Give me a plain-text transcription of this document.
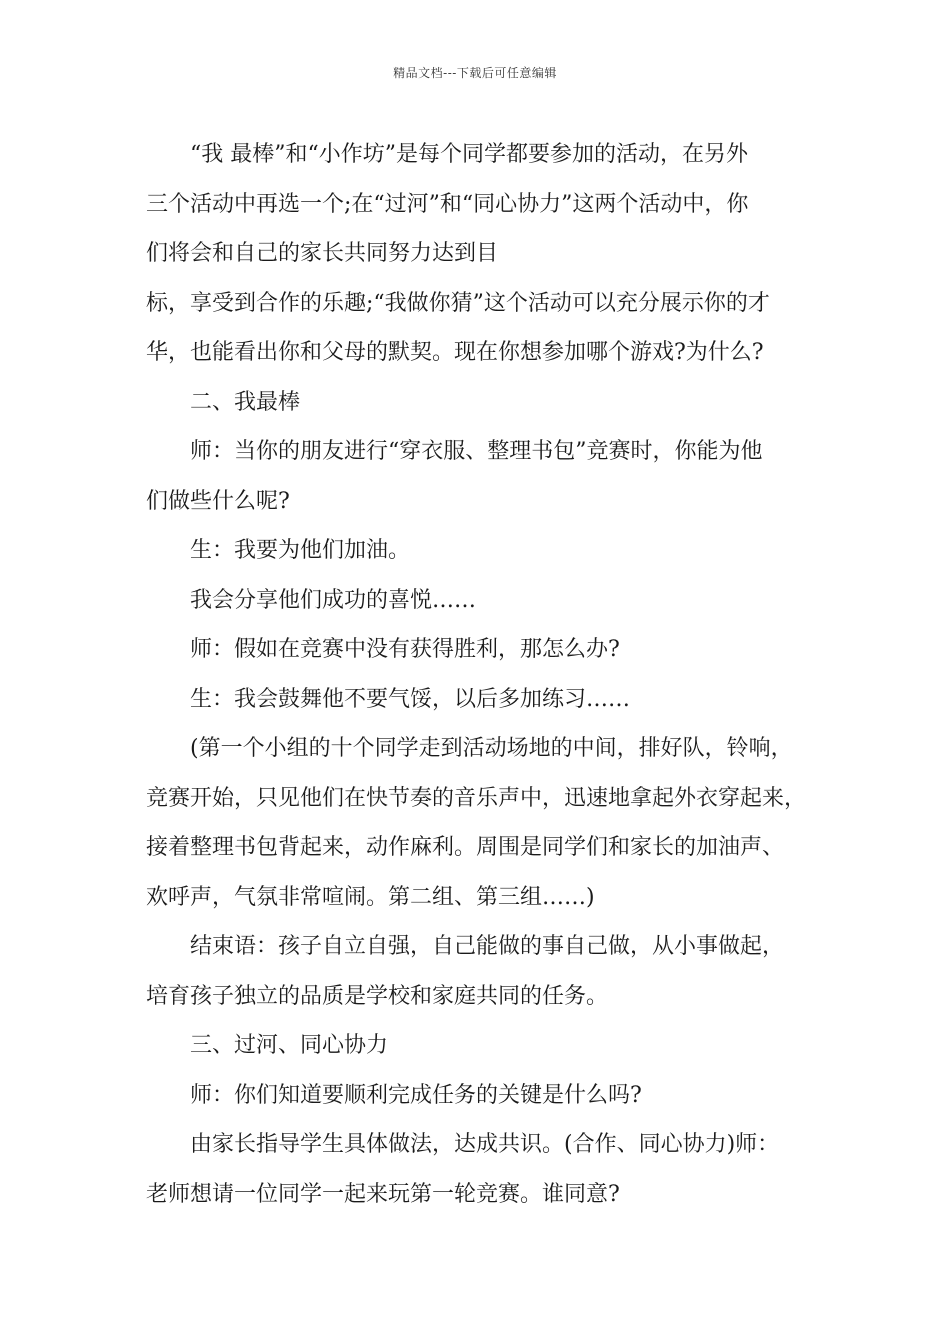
精品文档---下载后可任意编辑
“我 最棒”和“小作坊”是每个同学都要参加的活动，在另外
三个活动中再选一个;在“过河”和“同心协力”这两个活动中，你
们将会和自己的家长共同努力达到目
标，享受到合作的乐趣;“我做你猜”这个活动可以充分展示你的才
华，也能看出你和父母的默契。现在你想参加哪个游戏?为什么?
二、我最棒
师：当你的朋友进行“穿衣服、整理书包”竞赛时，你能为他
们做些什么呢?
生：我要为他们加油。
我会分享他们成功的喜悦……
师：假如在竞赛中没有获得胜利，那怎么办?
生：我会鼓舞他不要气馁，以后多加练习……
(第一个小组的十个同学走到活动场地的中间，排好队，铃响，
竞赛开始，只见他们在快节奏的音乐声中，迅速地拿起外衣穿起来，
接着整理书包背起来，动作麻利。周围是同学们和家长的加油声、
欢呼声，气氛非常喧闹。第二组、第三组……)
结束语：孩子自立自强，自己能做的事自己做，从小事做起，
培育孩子独立的品质是学校和家庭共同的任务。
三、过河、同心协力
师：你们知道要顺利完成任务的关键是什么吗?
由家长指导学生具体做法，达成共识。(合作、同心协力)师：
老师想请一位同学一起来玩第一轮竞赛。谁同意?
